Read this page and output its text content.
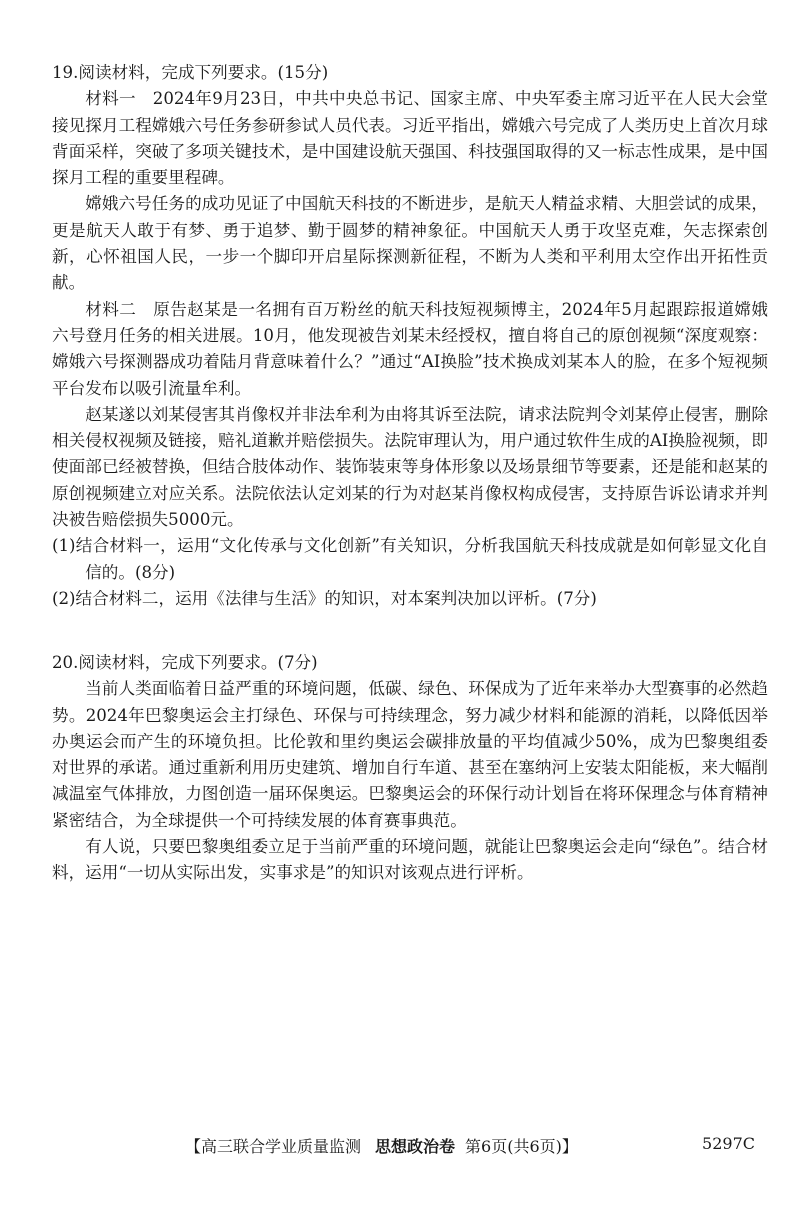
19.阅读材料，完成下列要求。(15分)

材料一　2024年9月23日，中共中央总书记、国家主席、中央军委主席习近平在人民大会堂接见探月工程嫦娥六号任务参研参试人员代表。习近平指出，嫦娥六号完成了人类历史上首次月球背面采样，突破了多项关键技术，是中国建设航天强国、科技强国取得的又一标志性成果，是中国探月工程的重要里程碑。

嫦娥六号任务的成功见证了中国航天科技的不断进步，是航天人精益求精、大胆尝试的成果，更是航天人敢于有梦、勇于追梦、勤于圆梦的精神象征。中国航天人勇于攻坚克难，矢志探索创新，心怀祖国人民，一步一个脚印开启星际探测新征程，不断为人类和平利用太空作出开拓性贡献。

材料二　原告赵某是一名拥有百万粉丝的航天科技短视频博主，2024年5月起跟踪报道嫦娥六号登月任务的相关进展。10月，他发现被告刘某未经授权，擅自将自己的原创视频“深度观察：嫦娥六号探测器成功着陆月背意味着什么？”通过“AI换脸”技术换成刘某本人的脸，在多个短视频平台发布以吸引流量牟利。

赵某遂以刘某侵害其肖像权并非法牟利为由将其诉至法院，请求法院判令刘某停止侵害，删除相关侵权视频及链接，赔礼道歉并赔偿损失。法院审理认为，用户通过软件生成的AI换脸视频，即使面部已经被替换，但结合肢体动作、装饰装束等身体形象以及场景细节等要素，还是能和赵某的原创视频建立对应关系。法院依法认定刘某的行为对赵某肖像权构成侵害，支持原告诉讼请求并判决被告赔偿损失5000元。

(1)结合材料一，运用“文化传承与文化创新”有关知识，分析我国航天科技成就是如何彰显文化自信的。(8分)

(2)结合材料二，运用《法律与生活》的知识，对本案判决加以评析。(7分)

20.阅读材料，完成下列要求。(7分)

当前人类面临着日益严重的环境问题，低碳、绿色、环保成为了近年来举办大型赛事的必然趋势。2024年巴黎奥运会主打绿色、环保与可持续理念，努力减少材料和能源的消耗，以降低因举办奥运会而产生的环境负担。比伦敦和里约奥运会碳排放量的平均值减少50%，成为巴黎奥组委对世界的承诺。通过重新利用历史建筑、增加自行车道、甚至在塞纳河上安装太阳能板，来大幅削减温室气体排放，力图创造一届环保奥运。巴黎奥运会的环保行动计划旨在将环保理念与体育精神紧密结合，为全球提供一个可持续发展的体育赛事典范。

有人说，只要巴黎奥组委立足于当前严重的环境问题，就能让巴黎奥运会走向“绿色”。结合材料，运用“一切从实际出发，实事求是”的知识对该观点进行评析。

【高三联合学业质量监测 思想政治卷 第6页(共6页)】	5297C
